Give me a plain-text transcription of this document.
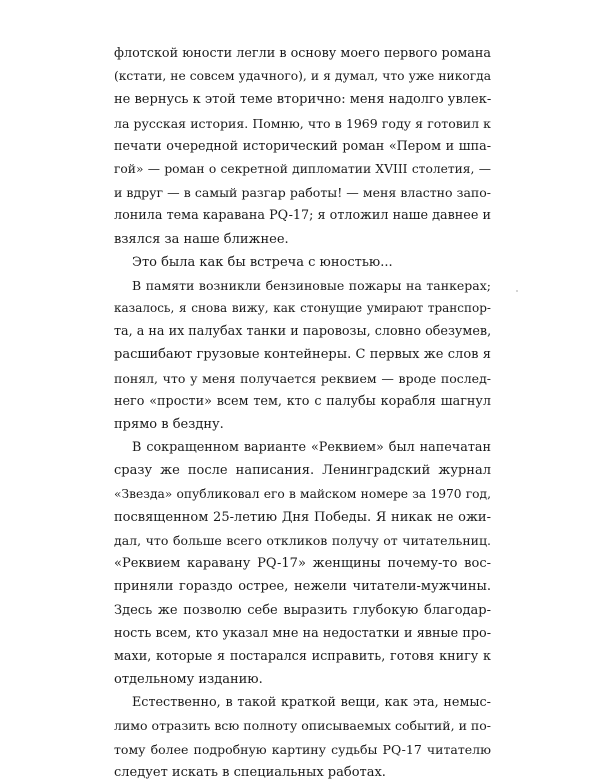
флотской юности легли в основу моего первого романа
(кстати, не совсем удачного), и я думал, что уже никогда
не вернусь к этой теме вторично: меня надолго увлек-
ла русская история. Помню, что в 1969 году я готовил к
печати очередной исторический роман «Пером и шпа-
гой» — роман о секретной дипломатии XVIII столетия, —
и вдруг — в самый разгар работы! — меня властно запо-
лонила тема каравана PQ-17; я отложил наше давнее и
взялся за наше ближнее.
Это была как бы встреча с юностью...
В памяти возникли бензиновые пожары на танкерах;
казалось, я снова вижу, как стонущие умирают транспор-
та, а на их палубах танки и паровозы, словно обезумев,
расшибают грузовые контейнеры. С первых же слов я
понял, что у меня получается реквием — вроде послед-
него «прости» всем тем, кто с палубы корабля шагнул
прямо в бездну.
В сокращенном варианте «Реквием» был напечатан
сразу же после написания. Ленинградский журнал
«Звезда» опубликовал его в майском номере за 1970 год,
посвященном 25-летию Дня Победы. Я никак не ожи-
дал, что больше всего откликов получу от читательниц.
«Реквием каравану PQ-17» женщины почему-то вос-
приняли гораздо острее, нежели читатели-мужчины.
Здесь же позволю себе выразить глубокую благодар-
ность всем, кто указал мне на недостатки и явные про-
махи, которые я постарался исправить, готовя книгу к
отдельному изданию.
Естественно, в такой краткой вещи, как эта, немыс-
лимо отразить всю полноту описываемых событий, и по-
тому более подробную картину судьбы PQ-17 читателю
следует искать в специальных работах.
